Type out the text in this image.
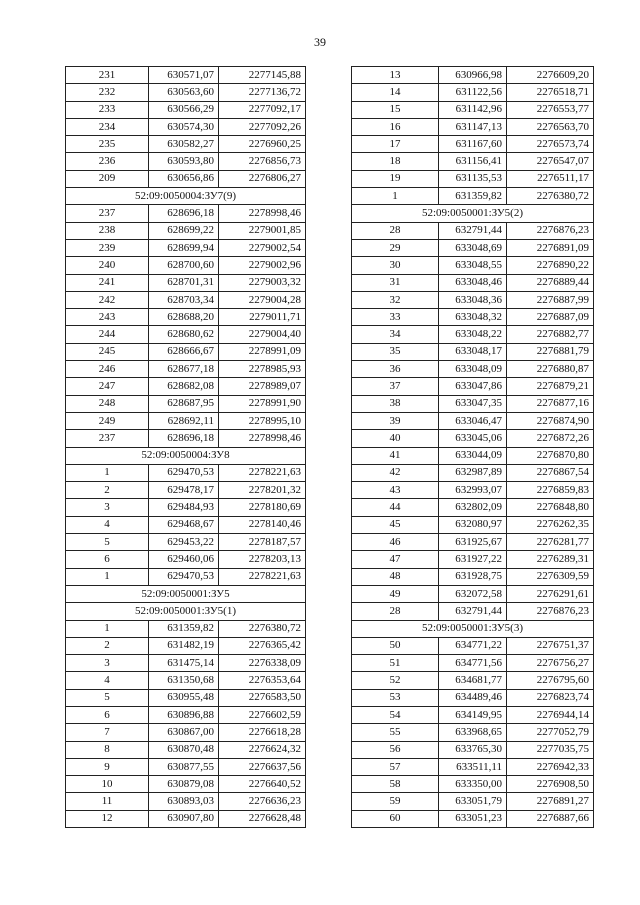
39
231	630571,07	2277145,88
232	630563,60	2277136,72
233	630566,29	2277092,17
234	630574,30	2277092,26
235	630582,27	2276960,25
236	630593,80	2276856,73
209	630656,86	2276806,27
52:09:0050004:ЗУ7(9)		
237	628696,18	2278998,46
238	628699,22	2279001,85
239	628699,94	2279002,54
240	628700,60	2279002,96
241	628701,31	2279003,32
242	628703,34	2279004,28
243	628688,20	2279011,71
244	628680,62	2279004,40
245	628666,67	2278991,09
246	628677,18	2278985,93
247	628682,08	2278989,07
248	628687,95	2278991,90
249	628692,11	2278995,10
237	628696,18	2278998,46
52:09:0050004:ЗУ8		
1	629470,53	2278221,63
2	629478,17	2278201,32
3	629484,93	2278180,69
4	629468,67	2278140,46
5	629453,22	2278187,57
6	629460,06	2278203,13
1	629470,53	2278221,63
52:09:0050001:ЗУ5		
52:09:0050001:ЗУ5(1)		
1	631359,82	2276380,72
2	631482,19	2276365,42
3	631475,14	2276338,09
4	631350,68	2276353,64
5	630955,48	2276583,50
6	630896,88	2276602,59
7	630867,00	2276618,28
8	630870,48	2276624,32
9	630877,55	2276637,56
10	630879,08	2276640,52
11	630893,03	2276636,23
12	630907,80	2276628,48
13	630966,98	2276609,20
14	631122,56	2276518,71
15	631142,96	2276553,77
16	631147,13	2276563,70
17	631167,60	2276573,74
18	631156,41	2276547,07
19	631135,53	2276511,17
1	631359,82	2276380,72
52:09:0050001:ЗУ5(2)		
28	632791,44	2276876,23
29	633048,69	2276891,09
30	633048,55	2276890,22
31	633048,46	2276889,44
32	633048,36	2276887,99
33	633048,32	2276887,09
34	633048,22	2276882,77
35	633048,17	2276881,79
36	633048,09	2276880,87
37	633047,86	2276879,21
38	633047,35	2276877,16
39	633046,47	2276874,90
40	633045,06	2276872,26
41	633044,09	2276870,80
42	632987,89	2276867,54
43	632993,07	2276859,83
44	632802,09	2276848,80
45	632080,97	2276262,35
46	631925,67	2276281,77
47	631927,22	2276289,31
48	631928,75	2276309,59
49	632072,58	2276291,61
28	632791,44	2276876,23
52:09:0050001:ЗУ5(3)		
50	634771,22	2276751,37
51	634771,56	2276756,27
52	634681,77	2276795,60
53	634489,46	2276823,74
54	634149,95	2276944,14
55	633968,65	2277052,79
56	633765,30	2277035,75
57	633511,11	2276942,33
58	633350,00	2276908,50
59	633051,79	2276891,27
60	633051,23	2276887,66
